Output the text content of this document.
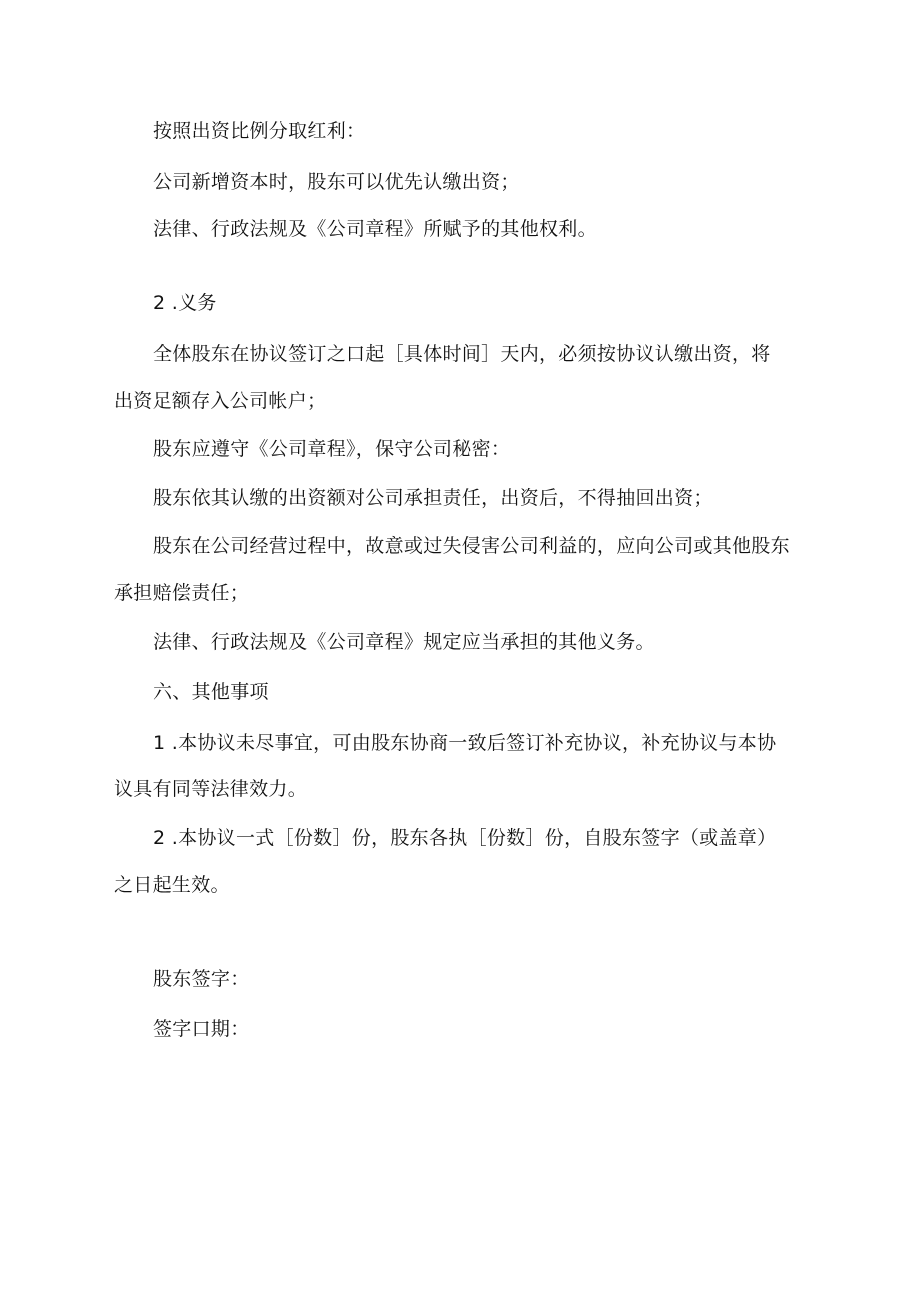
按照出资比例分取红利：
公司新增资本时，股东可以优先认缴出资；
法律、行政法规及《公司章程》所赋予的其他权利。
2 .义务
全体股东在协议签订之口起［具体时间］天内，必须按协议认缴出资，将
出资足额存入公司帐户；
股东应遵守《公司章程》，保守公司秘密：
股东依其认缴的出资额对公司承担责任，出资后，不得抽回出资；
股东在公司经营过程中，故意或过失侵害公司利益的，应向公司或其他股东
承担赔偿责任；
法律、行政法规及《公司章程》规定应当承担的其他义务。
六、其他事项
1 .本协议未尽事宜，可由股东协商一致后签订补充协议，补充协议与本协
议具有同等法律效力。
2 .本协议一式［份数］份，股东各执［份数］份，自股东签字（或盖章）
之日起生效。
股东签字：
签字口期：
